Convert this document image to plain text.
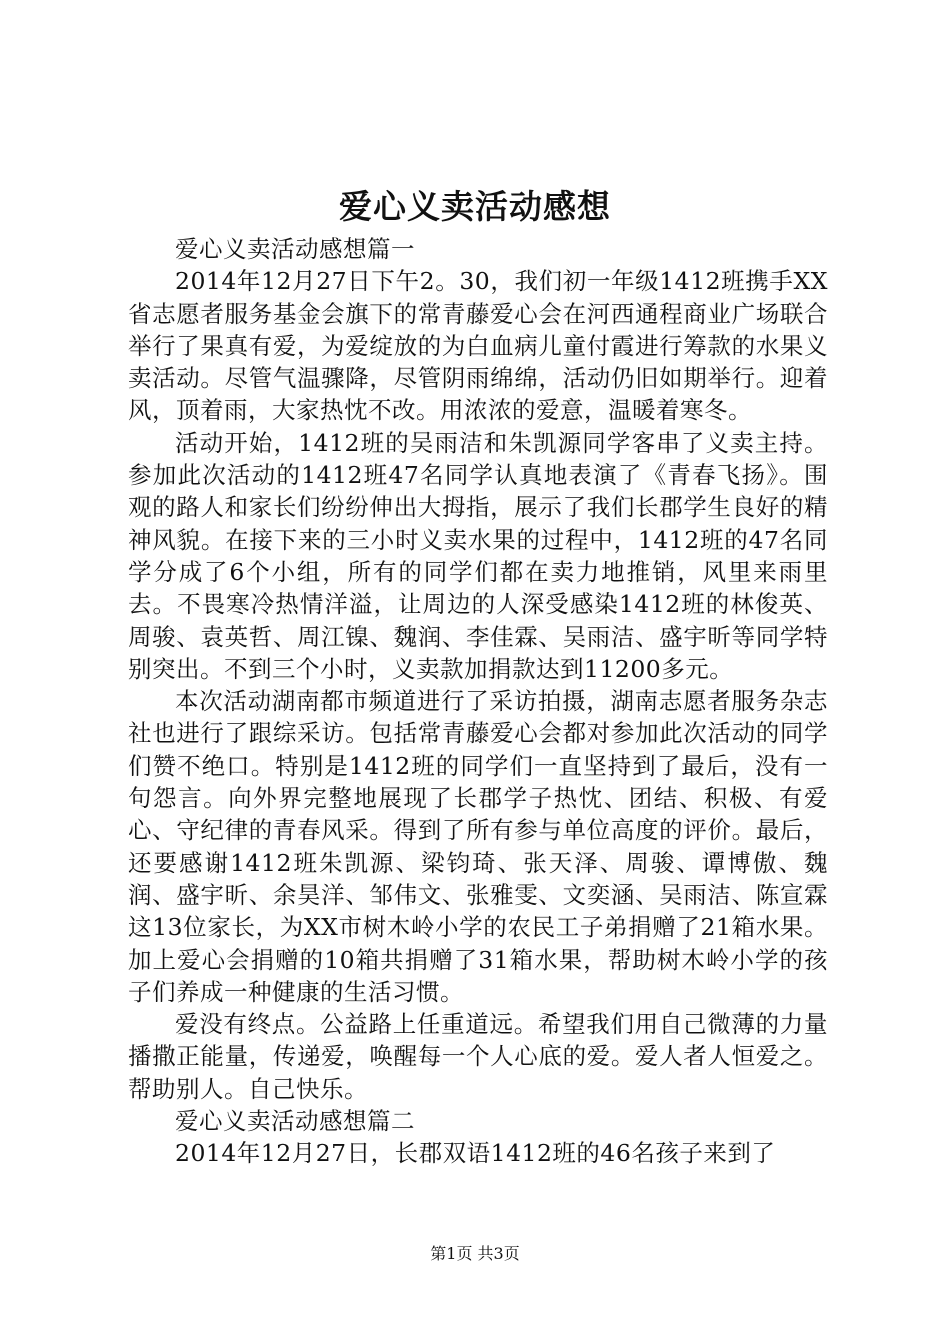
爱心义卖活动感想

爱心义卖活动感想篇一

2014年12月27日下午2。30，我们初一年级1412班携手XX省志愿者服务基金会旗下的常青藤爱心会在河西通程商业广场联合举行了果真有爱，为爱绽放的为白血病儿童付霞进行筹款的水果义卖活动。尽管气温骤降，尽管阴雨绵绵，活动仍旧如期举行。迎着风，顶着雨，大家热忱不改。用浓浓的爱意，温暖着寒冬。

活动开始，1412班的吴雨洁和朱凯源同学客串了义卖主持。参加此次活动的1412班47名同学认真地表演了《青春飞扬》。围观的路人和家长们纷纷伸出大拇指，展示了我们长郡学生良好的精神风貌。在接下来的三小时义卖水果的过程中，1412班的47名同学分成了6个小组，所有的同学们都在卖力地推销，风里来雨里去。不畏寒冷热情洋溢，让周边的人深受感染1412班的林俊英、周骏、袁英哲、周江镍、魏润、李佳霖、吴雨洁、盛宇昕等同学特别突出。不到三个小时，义卖款加捐款达到11200多元。

本次活动湖南都市频道进行了采访拍摄，湖南志愿者服务杂志社也进行了跟综采访。包括常青藤爱心会都对参加此次活动的同学们赞不绝口。特别是1412班的同学们一直坚持到了最后，没有一句怨言。向外界完整地展现了长郡学子热忱、团结、积极、有爱心、守纪律的青春风采。得到了所有参与单位高度的评价。最后，还要感谢1412班朱凯源、梁钧琦、张天泽、周骏、谭博傲、魏润、盛宇昕、余昊洋、邹伟文、张雅雯、文奕涵、吴雨洁、陈宣霖这13位家长，为XX市树木岭小学的农民工子弟捐赠了21箱水果。加上爱心会捐赠的10箱共捐赠了31箱水果，帮助树木岭小学的孩子们养成一种健康的生活习惯。

爱没有终点。公益路上任重道远。希望我们用自己微薄的力量播撒正能量，传递爱，唤醒每一个人心底的爱。爱人者人恒爱之。帮助别人。自己快乐。

爱心义卖活动感想篇二

2014年12月27日，长郡双语1412班的46名孩子来到了

第1页 共3页
